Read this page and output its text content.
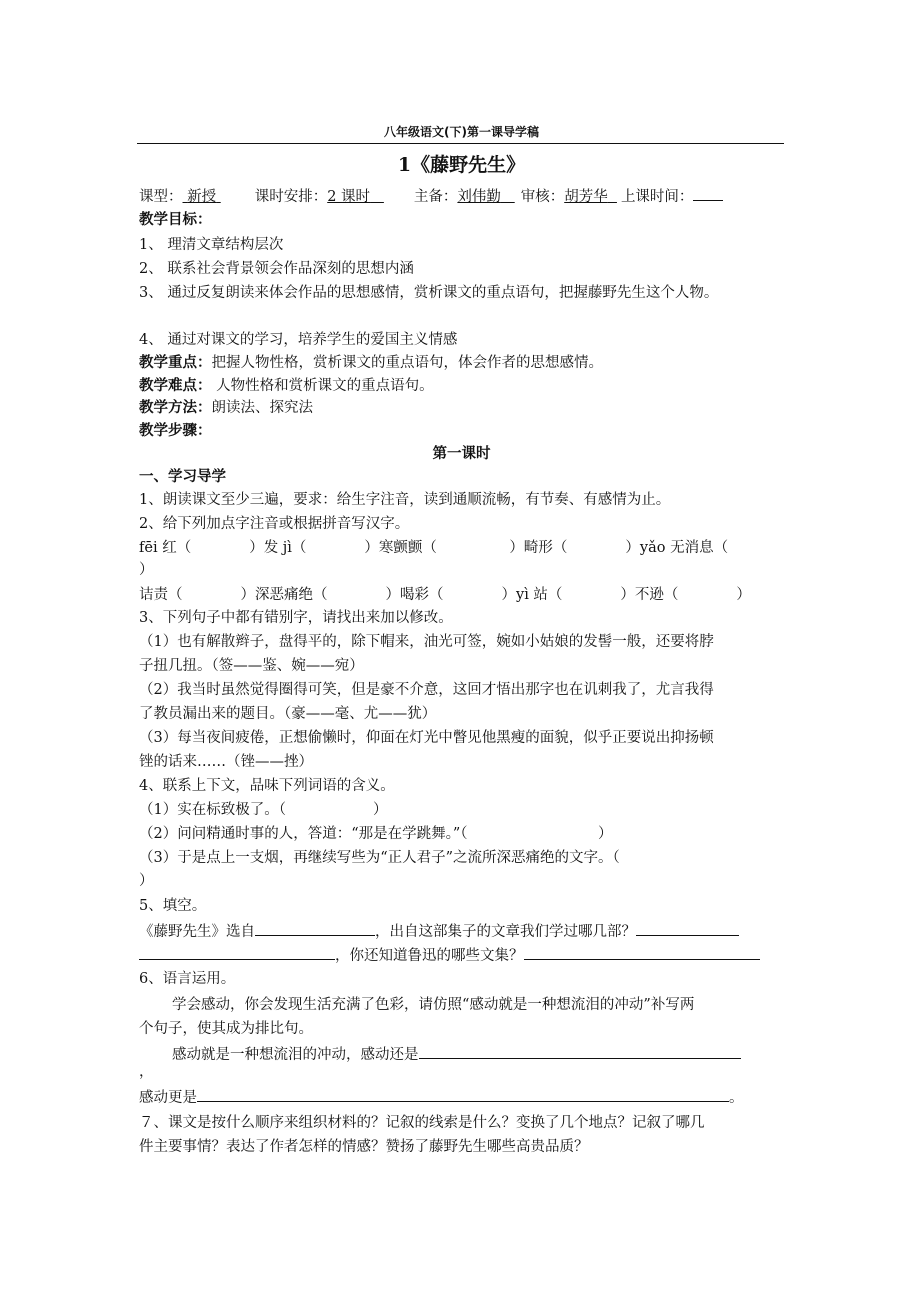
八年级语文(下)第一课导学稿
1《藤野先生》
课型： 新授	课时安排：2 课时	主备：刘伟勤 审核：胡芳华 上课时间：
教学目标：
1、 理清文章结构层次
2、 联系社会背景领会作品深刻的思想内涵
3、 通过反复朗读来体会作品的思想感情，赏析课文的重点语句，把握藤野先生这个人物。
4、 通过对课文的学习，培养学生的爱国主义情感
教学重点：把握人物性格，赏析课文的重点语句，体会作者的思想感情。
教学难点： 人物性格和赏析课文的重点语句。
教学方法：朗读法、探究法
教学步骤：
第一课时
一、学习导学
1、朗读课文至少三遍，要求：给生字注音，读到通顺流畅，有节奏、有感情为止。
2、给下列加点字注音或根据拼音写汉字。
fēi 红（　　　　）发 jì（　　　　）寒颤颤（　　　　　）畸形（　　　　）yǎo 无消息（
）
诘责（　　　　）深恶痛绝（　　　　）喝彩（　　　　）yì 站（　　　　）不逊（　　　　）
3、下列句子中都有错别字，请找出来加以修改。
（1）也有解散辫子，盘得平的，除下帽来，油光可签，婉如小姑娘的发髻一般，还要将脖
子扭几扭。（签——鉴、婉——宛）
（2）我当时虽然觉得圈得可笑，但是豪不介意，这回才悟出那字也在讥刺我了，尤言我得
了教员漏出来的题目。（豪——毫、尤——犹）
（3）每当夜间疲倦，正想偷懒时，仰面在灯光中瞥见他黑瘦的面貌，似乎正要说出抑扬顿
锉的话来……（锉——挫）
4、联系上下文，品味下列词语的含义。
（1）实在标致极了。（　　　　　　）
（2）问问精通时事的人，答道：“那是在学跳舞。”（　　　　　　　　　）
（3）于是点上一支烟，再继续写些为“正人君子”之流所深恶痛绝的文字。（
）
5、填空。
《藤野先生》选自	，出自这部集子的文章我们学过哪几部？
，你还知道鲁迅的哪些文集？
6、语言运用。
学会感动，你会发现生活充满了色彩，请仿照“感动就是一种想流泪的冲动”补写两
个句子，使其成为排比句。
感动就是一种想流泪的冲动，感动还是
，
感动更是	。
７、课文是按什么顺序来组织材料的？记叙的线索是什么？变换了几个地点？记叙了哪几
件主要事情？表达了作者怎样的情感？赞扬了藤野先生哪些高贵品质？
